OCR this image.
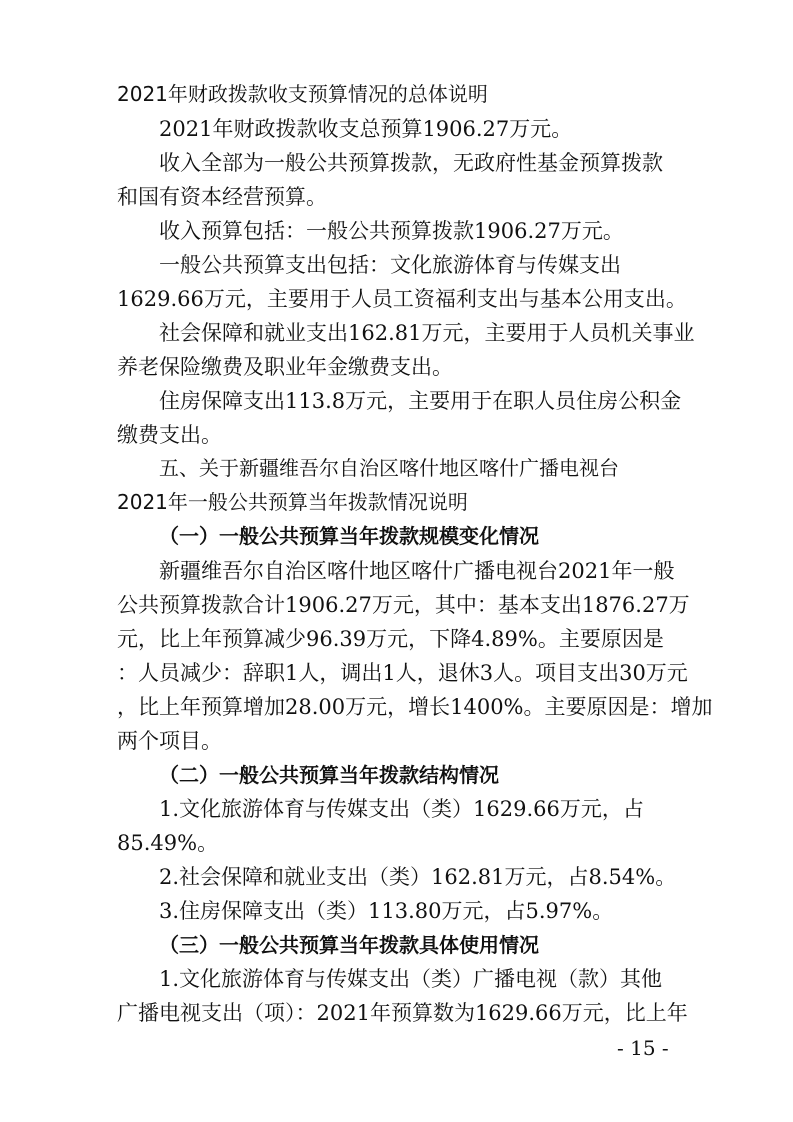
2021年财政拨款收支预算情况的总体说明
2021年财政拨款收支总预算1906.27万元。
收入全部为一般公共预算拨款，无政府性基金预算拨款
和国有资本经营预算。
收入预算包括：一般公共预算拨款1906.27万元。
一般公共预算支出包括：文化旅游体育与传媒支出
1629.66万元，主要用于人员工资福利支出与基本公用支出。
社会保障和就业支出162.81万元，主要用于人员机关事业
养老保险缴费及职业年金缴费支出。
住房保障支出113.8万元，主要用于在职人员住房公积金
缴费支出。
五、关于新疆维吾尔自治区喀什地区喀什广播电视台
2021年一般公共预算当年拨款情况说明
（一）一般公共预算当年拨款规模变化情况
新疆维吾尔自治区喀什地区喀什广播电视台2021年一般
公共预算拨款合计1906.27万元，其中：基本支出1876.27万
元，比上年预算减少96.39万元，下降4.89%。主要原因是
：人员减少：辞职1人，调出1人，退休3人。项目支出30万元
，比上年预算增加28.00万元，增长1400%。主要原因是：增加
两个项目。
（二）一般公共预算当年拨款结构情况
1.文化旅游体育与传媒支出（类）1629.66万元，占
85.49%。
2.社会保障和就业支出（类）162.81万元，占8.54%。
3.住房保障支出（类）113.80万元，占5.97%。
（三）一般公共预算当年拨款具体使用情况
1.文化旅游体育与传媒支出（类）广播电视（款）其他
广播电视支出（项）：2021年预算数为1629.66万元，比上年
- 15 -
